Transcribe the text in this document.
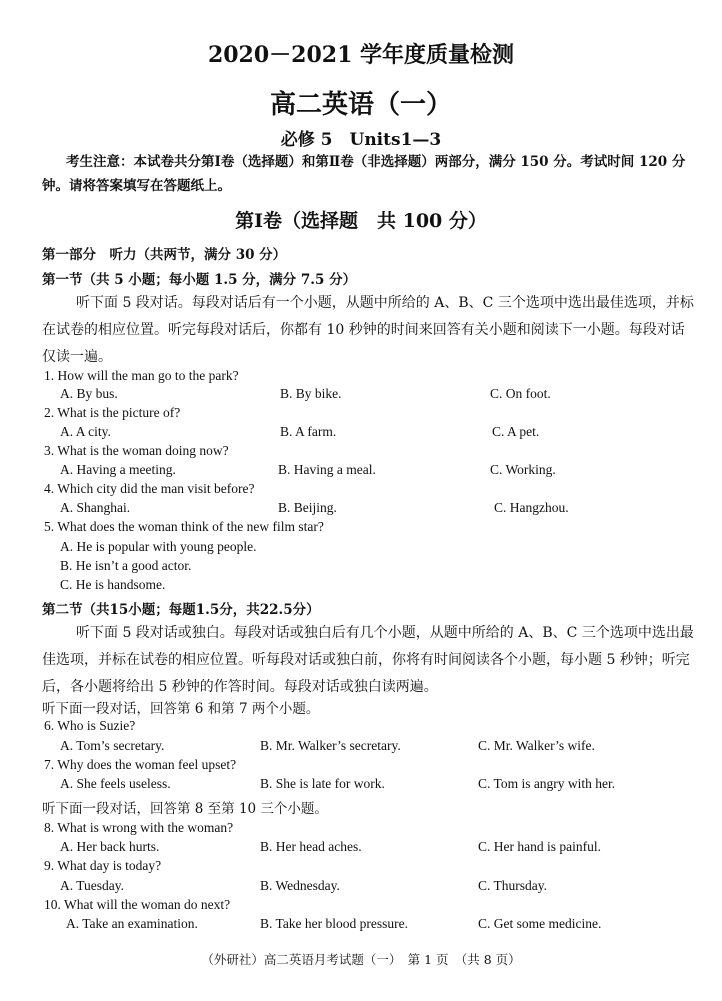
2020－2021 学年度质量检测
高二英语（一）
必修 5　Units1—3
考生注意：本试卷共分第Ⅰ卷（选择题）和第Ⅱ卷（非选择题）两部分，满分 150 分。考试时间 120 分钟。请将答案填写在答题纸上。
第Ⅰ卷（选择题　共 100 分）
第一部分　听力（共两节，满分 30 分）
第一节（共 5 小题；每小题 1.5 分，满分 7.5 分）
听下面 5 段对话。每段对话后有一个小题，从题中所给的 A、B、C 三个选项中选出最佳选项，并标在试卷的相应位置。听完每段对话后，你都有 10 秒钟的时间来回答有关小题和阅读下一小题。每段对话仅读一遍。
1. How will the man go to the park?
A. By bus.	B. By bike.	C. On foot.
2. What is the picture of?
A. A city.	B. A farm.	C. A pet.
3. What is the woman doing now?
A. Having a meeting.	B. Having a meal.	C. Working.
4. Which city did the man visit before?
A. Shanghai.	B. Beijing.	C. Hangzhou.
5. What does the woman think of the new film star?
A. He is popular with young people.
B. He isn’t a good actor.
C. He is handsome.
第二节（共15小题；每题1.5分，共22.5分）
听下面 5 段对话或独白。每段对话或独白后有几个小题，从题中所给的 A、B、C 三个选项中选出最佳选项，并标在试卷的相应位置。听每段对话或独白前，你将有时间阅读各个小题，每小题 5 秒钟；听完后，各小题将给出 5 秒钟的作答时间。每段对话或独白读两遍。
听下面一段对话，回答第 6 和第 7 两个小题。
6. Who is Suzie?
A. Tom’s secretary.	B. Mr. Walker’s secretary.	C. Mr. Walker’s wife.
7. Why does the woman feel upset?
A. She feels useless.	B. She is late for work.	C. Tom is angry with her.
听下面一段对话，回答第 8 至第 10 三个小题。
8. What is wrong with the woman?
A. Her back hurts.	B. Her head aches.	C. Her hand is painful.
9. What day is today?
A. Tuesday.	B. Wednesday.	C. Thursday.
10. What will the woman do next?
A. Take an examination.	B. Take her blood pressure.	C. Get some medicine.
（外研社）高二英语月考试题（一）　第 1 页　（共 8 页）
